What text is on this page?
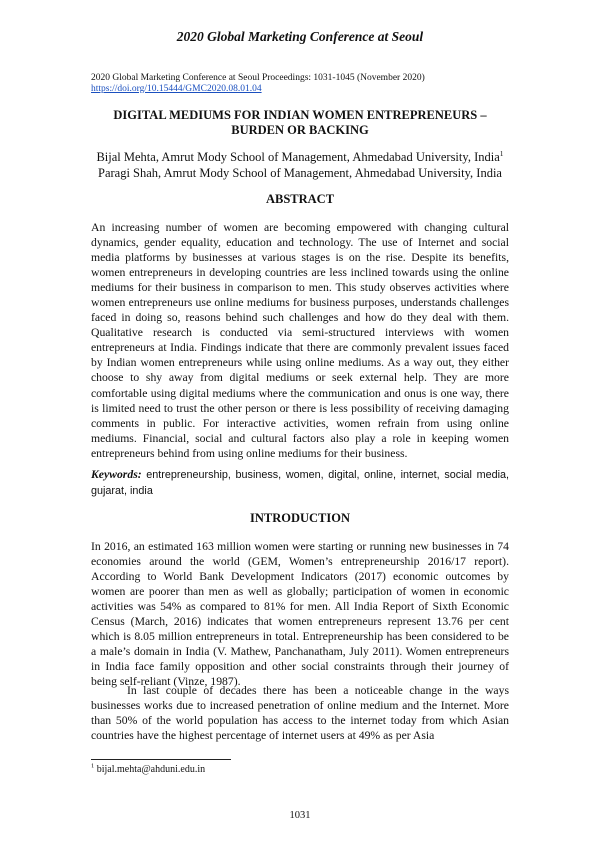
2020 Global Marketing Conference at Seoul
2020 Global Marketing Conference at Seoul Proceedings: 1031-1045 (November 2020)
https://doi.org/10.15444/GMC2020.08.01.04
DIGITAL MEDIUMS FOR INDIAN WOMEN ENTREPRENEURS –
BURDEN OR BACKING
Bijal Mehta, Amrut Mody School of Management, Ahmedabad University, India$^1$
Paragi Shah, Amrut Mody School of Management, Ahmedabad University, India
ABSTRACT
An increasing number of women are becoming empowered with changing cultural dynamics, gender equality, education and technology. The use of Internet and social media platforms by businesses at various stages is on the rise. Despite its benefits, women entrepreneurs in developing countries are less inclined towards using the online mediums for their business in comparison to men. This study observes activities where women entrepreneurs use online mediums for business purposes, understands challenges faced in doing so, reasons behind such challenges and how do they deal with them. Qualitative research is conducted via semi-structured interviews with women entrepreneurs at India. Findings indicate that there are commonly prevalent issues faced by Indian women entrepreneurs while using online mediums. As a way out, they either choose to shy away from digital mediums or seek external help. They are more comfortable using digital mediums where the communication and onus is one way, there is limited need to trust the other person or there is less possibility of receiving damaging comments in public. For interactive activities, women refrain from using online mediums. Financial, social and cultural factors also play a role in keeping women entrepreneurs behind from using online mediums for their business.
Keywords: entrepreneurship, business, women, digital, online, internet, social media, gujarat, india
INTRODUCTION
In 2016, an estimated 163 million women were starting or running new businesses in 74 economies around the world (GEM, Women’s entrepreneurship 2016/17 report). According to World Bank Development Indicators (2017) economic outcomes by women are poorer than men as well as globally; participation of women in economic activities was 54% as compared to 81% for men. All India Report of Sixth Economic Census (March, 2016) indicates that women entrepreneurs represent 13.76 per cent which is 8.05 million entrepreneurs in total. Entrepreneurship has been considered to be a male’s domain in India (V. Mathew, Panchanatham, July 2011). Women entrepreneurs in India face family opposition and other social constraints through their journey of being self-reliant (Vinze, 1987).
In last couple of decades there has been a noticeable change in the ways businesses works due to increased penetration of online medium and the Internet. More than 50% of the world population has access to the internet today from which Asian countries have the highest percentage of internet users at 49% as per Asia
$^1$ bijal.mehta@ahduni.edu.in
1031
